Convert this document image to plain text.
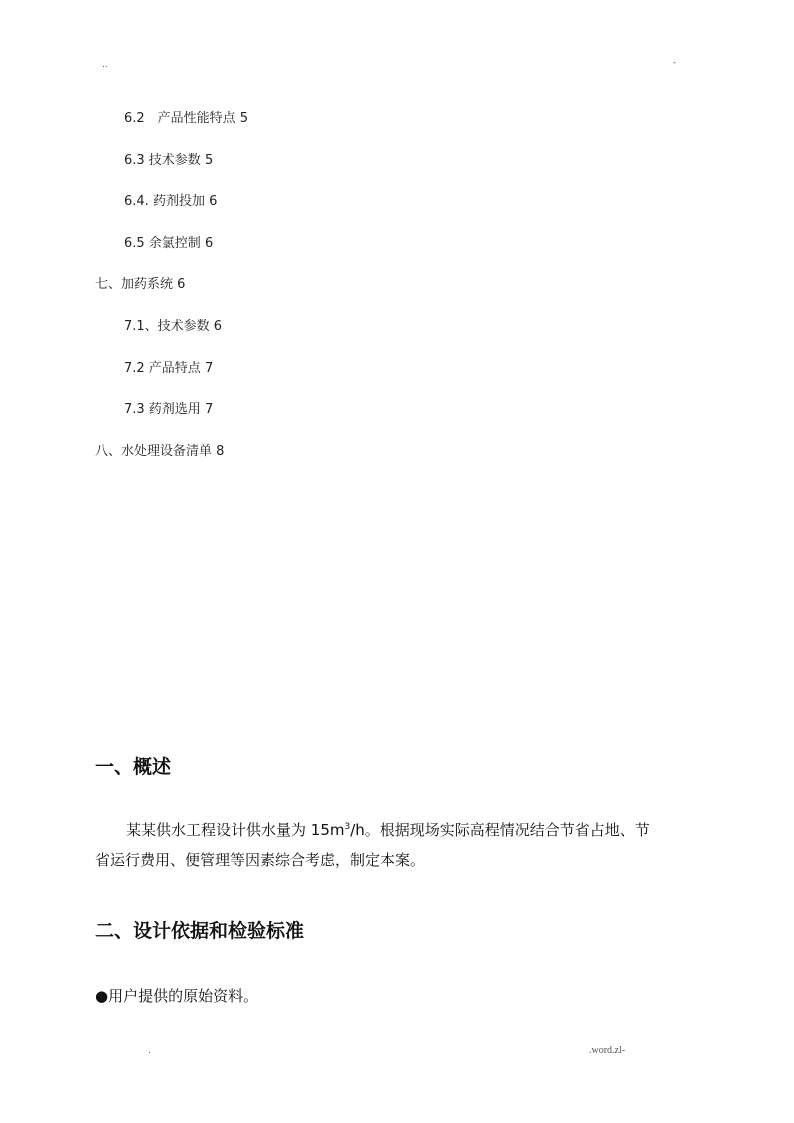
..	-
6.2　产品性能特点 5
6.3 技术参数 5
6.4. 药剂投加 6
6.5 余氯控制 6
七、加药系统 6
7.1、技术参数 6
7.2 产品特点 7
7.3 药剂选用 7
八、水处理设备清单 8
一、概述
某某供水工程设计供水量为 $15m^3/h$。根据现场实际高程情况结合节省占地、节
省运行费用、便管理等因素综合考虑，制定本案。
二、设计依据和检验标准
●用户提供的原始资料。
.	.word.zl-
